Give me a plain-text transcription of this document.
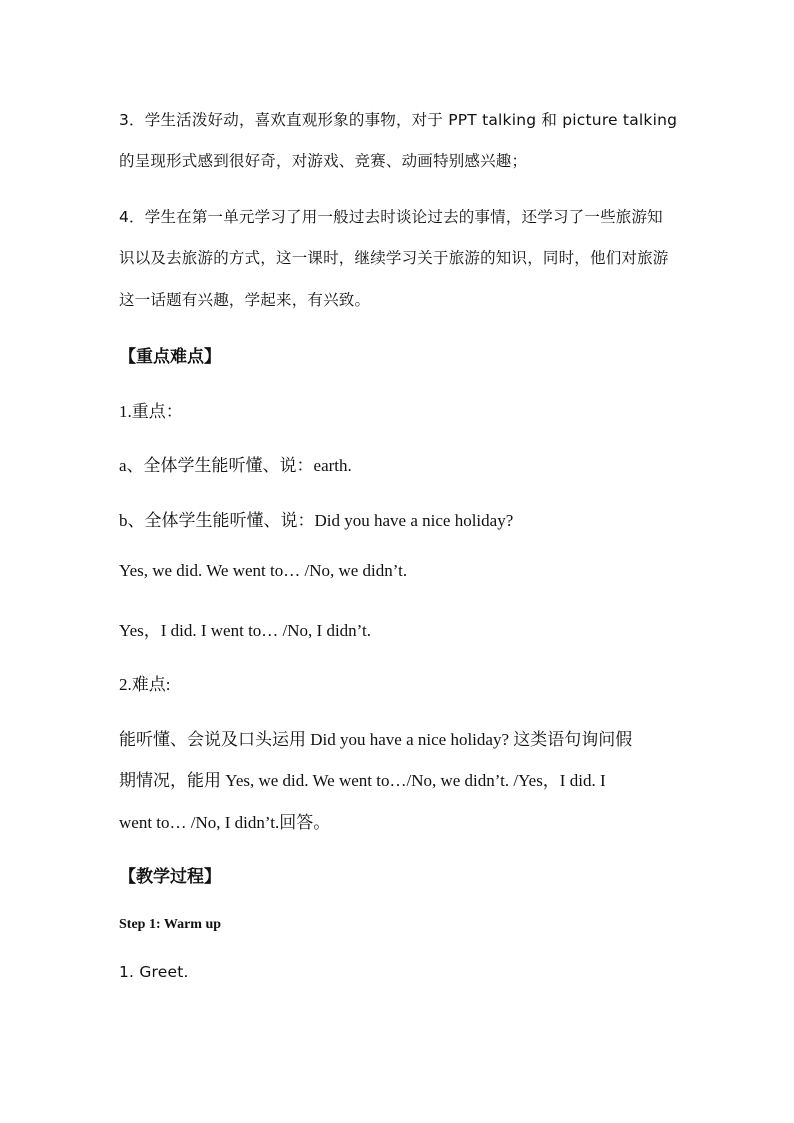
3．学生活泼好动，喜欢直观形象的事物，对于 PPT talking 和 picture talking
的呈现形式感到很好奇，对游戏、竞赛、动画特别感兴趣；
4．学生在第一单元学习了用一般过去时谈论过去的事情，还学习了一些旅游知
识以及去旅游的方式，这一课时，继续学习关于旅游的知识，同时，他们对旅游
这一话题有兴趣，学起来，有兴致。
【重点难点】
1.重点：
a、全体学生能听懂、说：earth.
b、全体学生能听懂、说：Did you have a nice holiday?
Yes, we did. We went to… /No, we didn’t.
Yes，I did. I went to… /No, I didn’t.
2.难点:
能听懂、会说及口头运用 Did you have a nice holiday? 这类语句询问假
期情况，能用 Yes, we did. We went to…/No, we didn’t. /Yes，I did. I
went to… /No, I didn’t.回答。
【教学过程】
Step 1: Warm up
1. Greet.
